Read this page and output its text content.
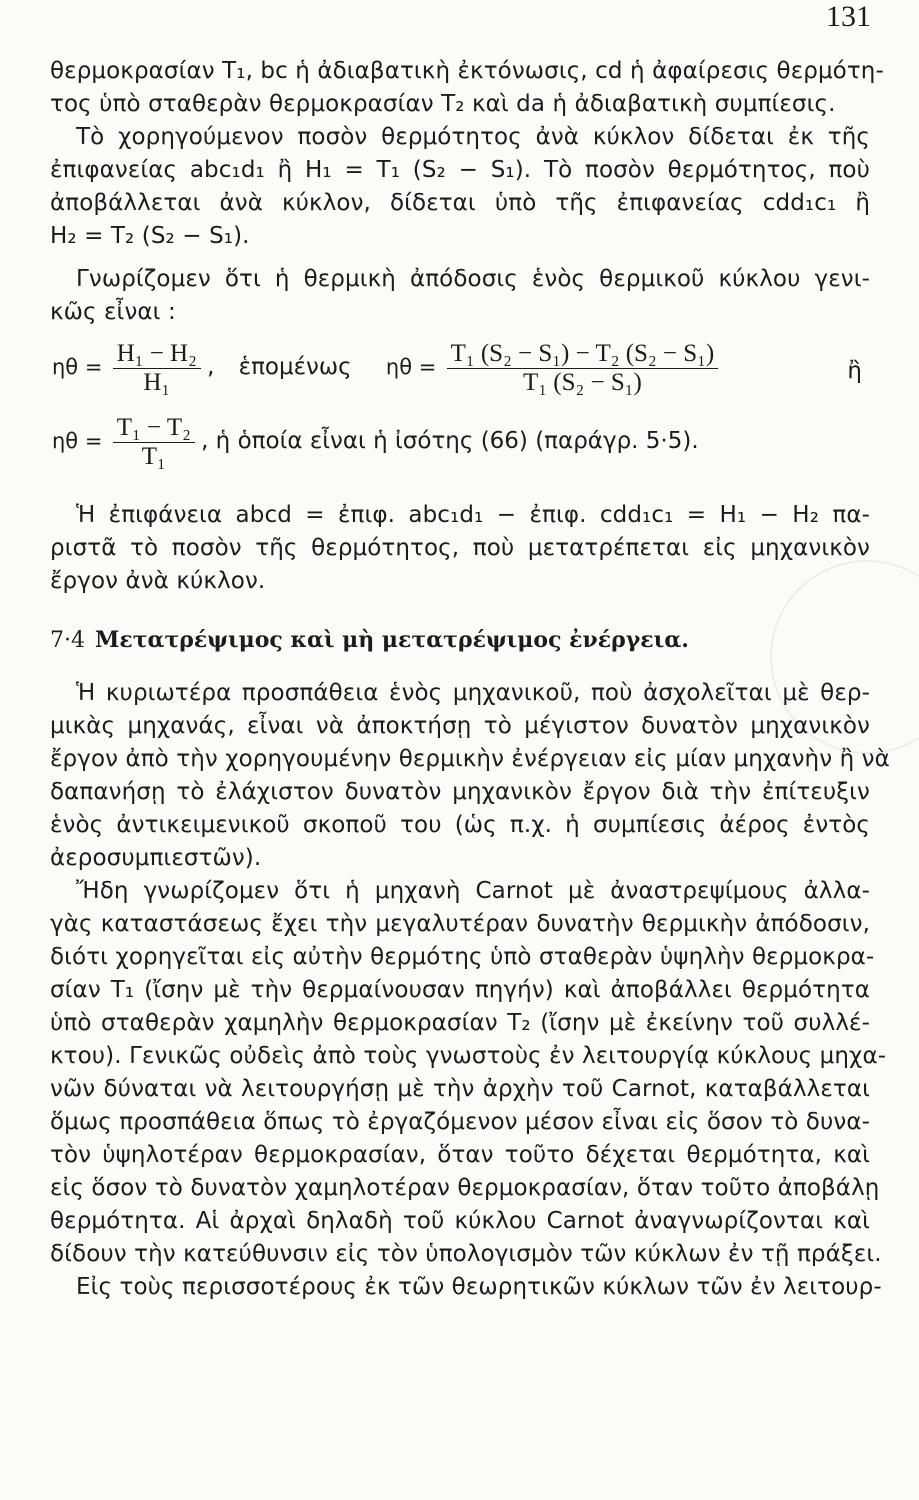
131
θερμοκρασίαν T₁, bc ἡ ἀδιαβατικὴ ἐκτόνωσις, cd ἡ ἀφαίρεσις θερμότη-
τος ὑπὸ σταθερὰν θερμοκρασίαν T₂ καὶ da ἡ ἀδιαβατικὴ συμπίεσις.
Τὸ χορηγούμενον ποσὸν θερμότητος ἀνὰ κύκλον δίδεται ἐκ τῆς
ἐπιφανείας abc₁d₁ ἢ H₁ = T₁ (S₂ − S₁). Τὸ ποσὸν θερμότητος, ποὺ
ἀποβάλλεται ἀνὰ κύκλον, δίδεται ὑπὸ τῆς ἐπιφανείας cdd₁c₁ ἢ
H₂ = T₂ (S₂ − S₁).
Γνωρίζομεν ὅτι ἡ θερμικὴ ἀπόδοσις ἑνὸς θερμικοῦ κύκλου γενι-
κῶς εἶναι :
$\eta\theta = \frac{\text{H₁ − H₂}}{\text{H₁}}$ , ἑπομένως $\eta\theta = \frac{\text{T₁ (S₂ − S₁) − T₂ (S₂ − S₁)}}{\text{T₁ (S₂ − S₁)}}$	ἢ
$\eta\theta = \frac{\text{T₁ − T₂}}{\text{T₁}}$ , ἡ ὁποία εἶναι ἡ ἰσότης (66) (παράγρ. 5·5).
Ἡ ἐπιφάνεια abcd = ἐπιφ. abc₁d₁ − ἐπιφ. cdd₁c₁ = H₁ − H₂ πα-
ριστᾶ τὸ ποσὸν τῆς θερμότητος, ποὺ μετατρέπεται εἰς μηχανικὸν
ἔργον ἀνὰ κύκλον.
7·4 Μετατρέψιμος καὶ μὴ μετατρέψιμος ἐνέργεια.
Ἡ κυριωτέρα προσπάθεια ἑνὸς μηχανικοῦ, ποὺ ἀσχολεῖται μὲ θερ-
μικὰς μηχανάς, εἶναι νὰ ἀποκτήσῃ τὸ μέγιστον δυνατὸν μηχανικὸν
ἔργον ἀπὸ τὴν χορηγουμένην θερμικὴν ἐνέργειαν εἰς μίαν μηχανὴν ἢ νὰ
δαπανήσῃ τὸ ἐλάχιστον δυνατὸν μηχανικὸν ἔργον διὰ τὴν ἐπίτευξιν
ἑνὸς ἀντικειμενικοῦ σκοποῦ του (ὡς π.χ. ἡ συμπίεσις ἀέρος ἐντὸς
ἀεροσυμπιεστῶν).
Ἤδη γνωρίζομεν ὅτι ἡ μηχανὴ Carnot μὲ ἀναστρεψίμους ἀλλα-
γὰς καταστάσεως ἔχει τὴν μεγαλυτέραν δυνατὴν θερμικὴν ἀπόδοσιν,
διότι χορηγεῖται εἰς αὐτὴν θερμότης ὑπὸ σταθερὰν ὑψηλὴν θερμοκρα-
σίαν T₁ (ἴσην μὲ τὴν θερμαίνουσαν πηγήν) καὶ ἀποβάλλει θερμότητα
ὑπὸ σταθερὰν χαμηλὴν θερμοκρασίαν T₂ (ἴσην μὲ ἐκείνην τοῦ συλλέ-
κτου). Γενικῶς οὐδεὶς ἀπὸ τοὺς γνωστοὺς ἐν λειτουργίᾳ κύκλους μηχα-
νῶν δύναται νὰ λειτουργήσῃ μὲ τὴν ἀρχὴν τοῦ Carnot, καταβάλλεται
ὅμως προσπάθεια ὅπως τὸ ἐργαζόμενον μέσον εἶναι εἰς ὅσον τὸ δυνα-
τὸν ὑψηλοτέραν θερμοκρασίαν, ὅταν τοῦτο δέχεται θερμότητα, καὶ
εἰς ὅσον τὸ δυνατὸν χαμηλοτέραν θερμοκρασίαν, ὅταν τοῦτο ἀποβάλῃ
θερμότητα. Αἱ ἀρχαὶ δηλαδὴ τοῦ κύκλου Carnot ἀναγνωρίζονται καὶ
δίδουν τὴν κατεύθυνσιν εἰς τὸν ὑπολογισμὸν τῶν κύκλων ἐν τῇ πράξει.
Εἰς τοὺς περισσοτέρους ἐκ τῶν θεωρητικῶν κύκλων τῶν ἐν λειτουρ-
